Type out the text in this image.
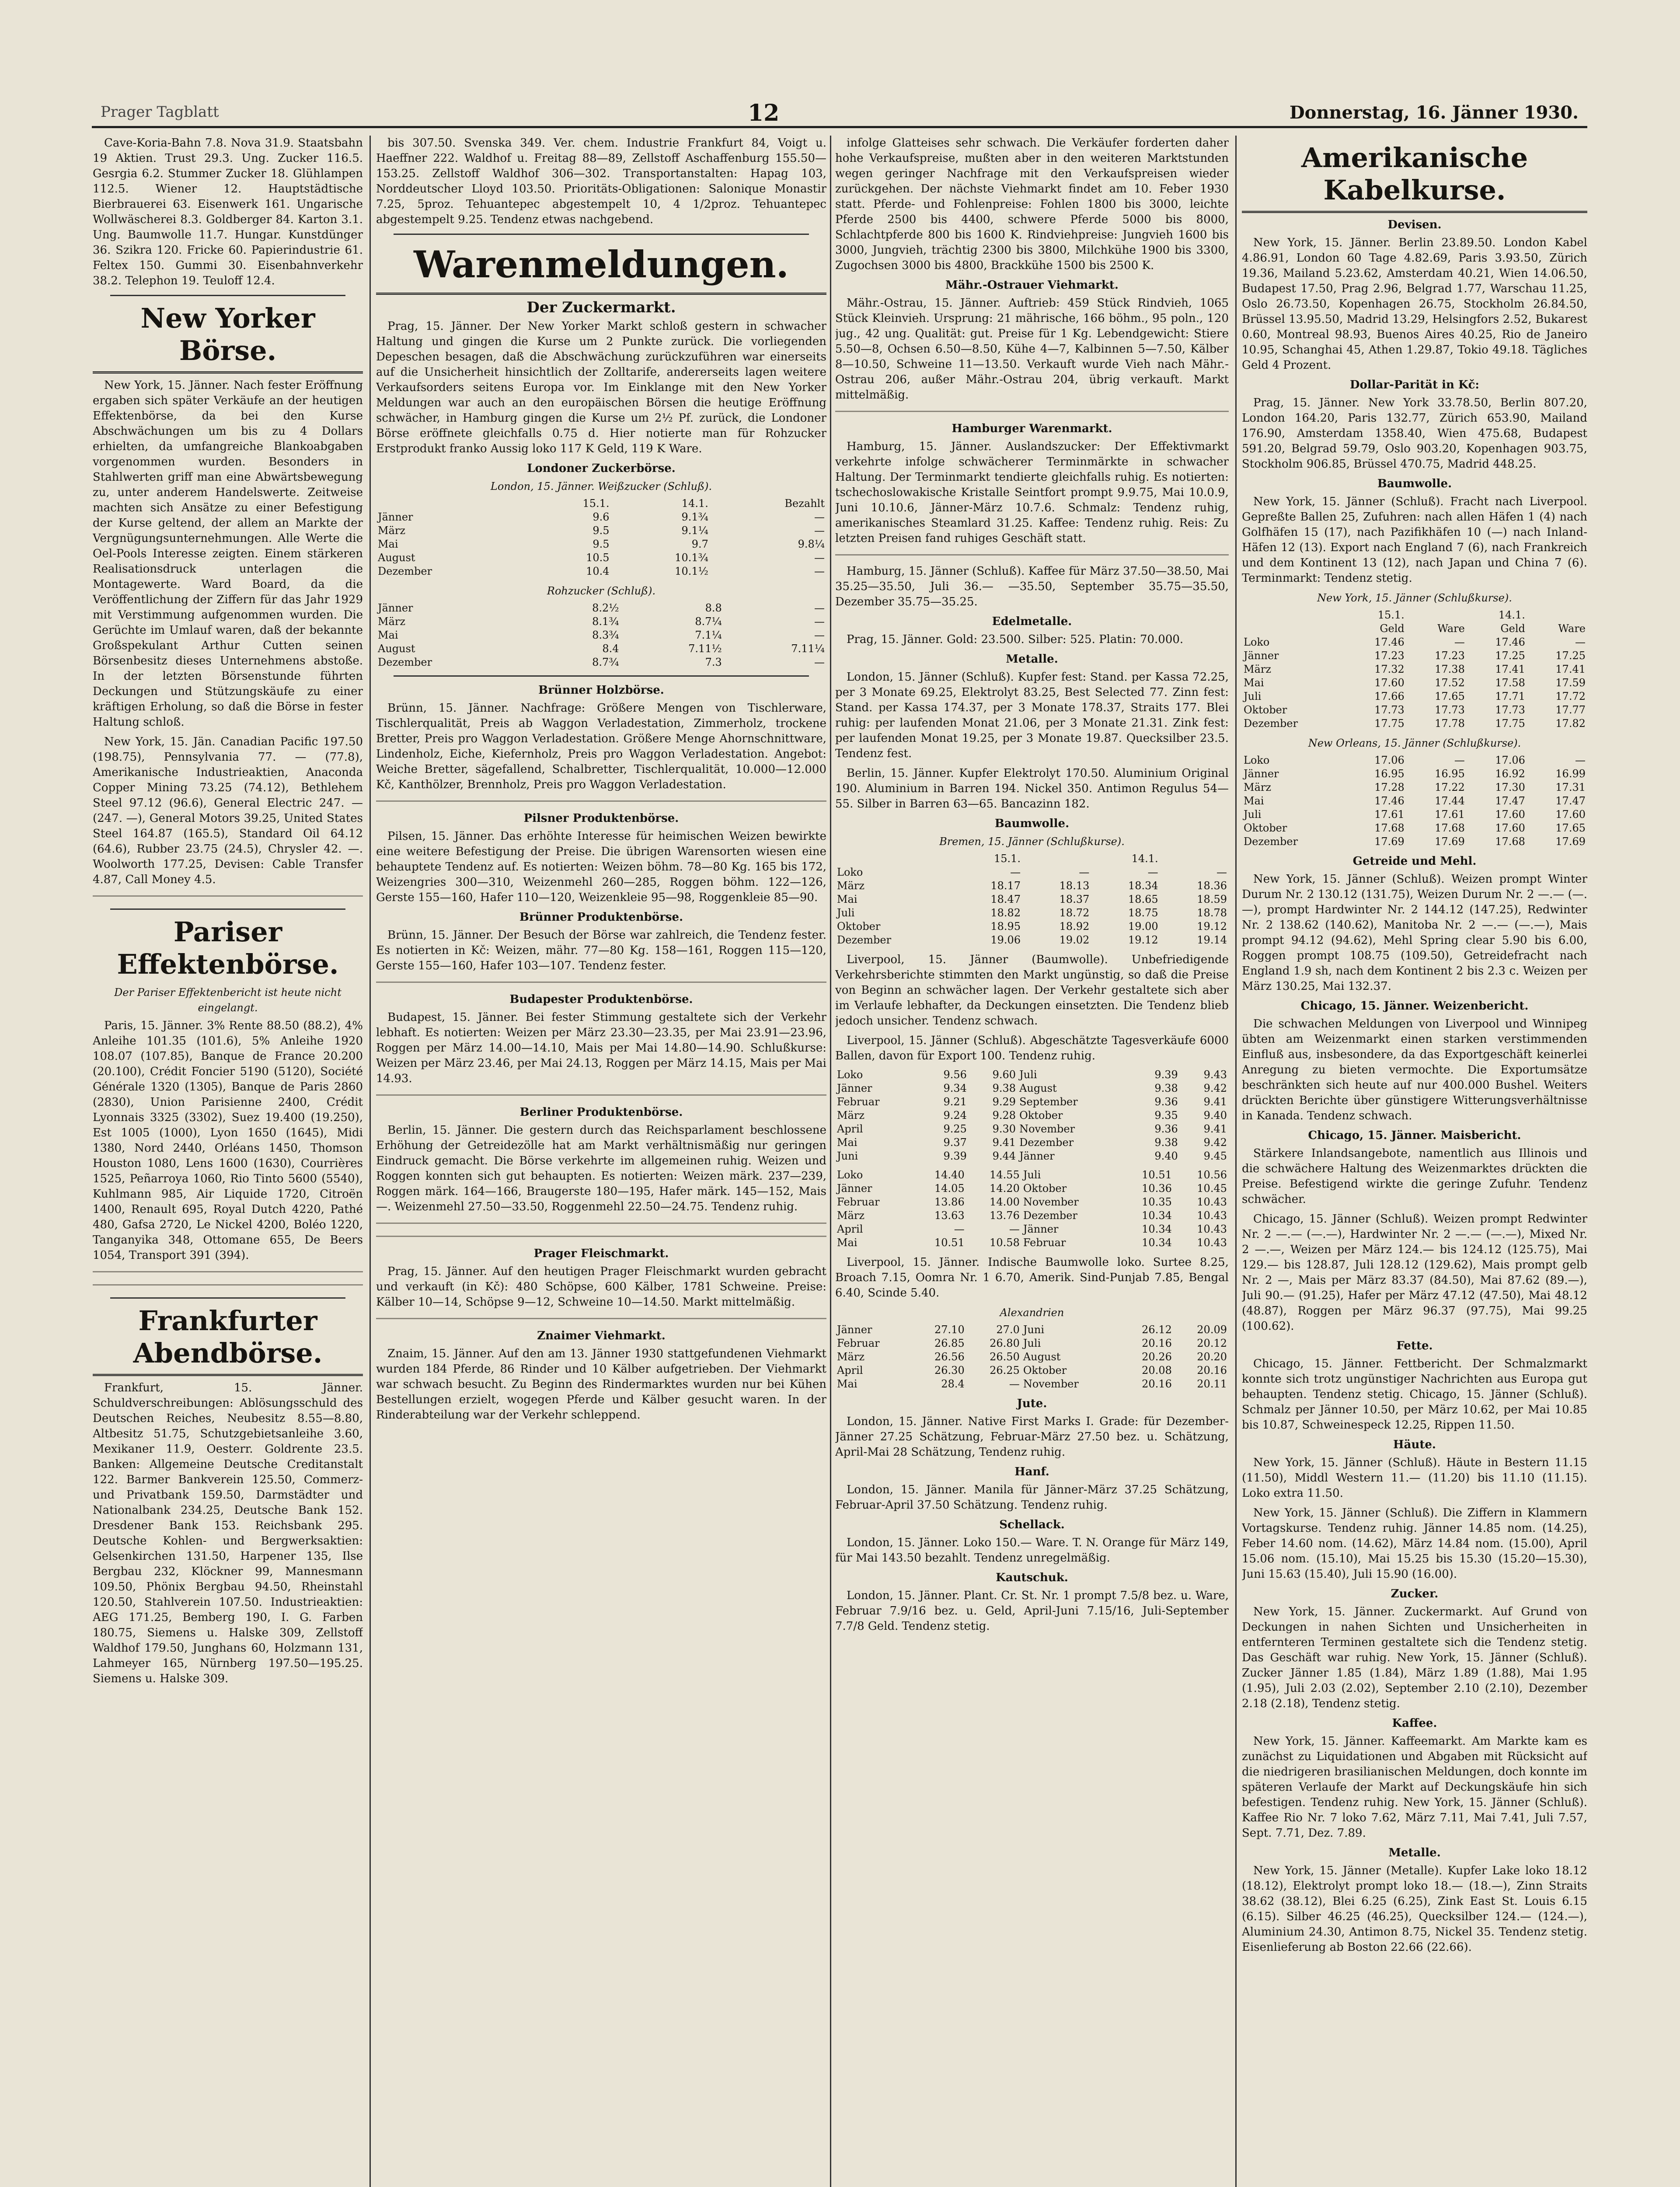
Prager Tagblatt	12	Donnerstag, 16. Jänner 1930.

Cave-Koria-Bahn 7.8. Nova 31.9. Staatsbahn 19 Aktien. Trust 29.3. Ung. Zucker 116.5. Gesrgia 6.2. Stummer Zucker 18. Glühlampen 112.5. Wiener 12. Hauptstädtische Bierbrauerei 63. Eisenwerk 161. Ungarische Wollwäscherei 8.3. Goldberger 84. Karton 3.1. Ung. Baumwolle 11.7. Hungar. Kunstdünger 36. Szikra 120. Fricke 60. Papierindustrie 61. Feltex 150. Gummi 30. Eisenbahnverkehr 38.2. Telephon 19. Teuloff 12.4.

New Yorker Börse.

New York, 15. Jänner. Nach fester Eröffnung ergaben sich später Verkäufe an der heutigen Effektenbörse, da bei den Kurse Abschwächungen um bis zu 4 Dollars erhielten, da umfangreiche Blankoabgaben vorgenommen wurden. Besonders in Stahlwerten griff man eine Abwärtsbewegung zu, unter anderem Handelswerte. Zeitweise machten sich Ansätze zu einer Befestigung der Kurse geltend, der allem an Markte der Vergnügungsunternehmungen. Alle Werte die Oel-Pools Interesse zeigten. Einem stärkeren Realisationsdruck unterlagen die Montagewerte. Ward Board, da die Veröffentlichung der Ziffern für das Jahr 1929 mit Verstimmung aufgenommen wurden. Die Gerüchte im Umlauf waren, daß der bekannte Großspekulant Arthur Cutten seinen Börsenbesitz dieses Unternehmens abstoße. In der letzten Börsenstunde führten Deckungen und Stützungskäufe zu einer kräftigen Erholung, so daß die Börse in fester Haltung schloß.

New York, 15. Jän. Canadian Pacific 197.50 (198.75), Pennsylvania 77. — (77.8), Amerikanische Industrieaktien, Anaconda Copper Mining 73.25 (74.12), Bethlehem Steel 97.12 (96.6), General Electric 247. — (247. —), General Motors 39.25, United States Steel 164.87 (165.5), Standard Oil 64.12 (64.6), Rubber 23.75 (24.5), Chrysler 42. —. Woolworth 177.25, Devisen: Cable Transfer 4.87, Call Money 4.5.

Pariser Effektenbörse.
Der Pariser Effektenbericht ist heute nicht eingelangt.

Paris, 15. Jänner. 3% Rente 88.50 (88.2), 4% Anleihe 101.35 (101.6), 5% Anleihe 1920 108.07 (107.85), Banque de France 20.200 (20.100), Crédit Foncier 5190 (5120), Société Générale 1320 (1305), Banque de Paris 2860 (2830), Union Parisienne 2400, Crédit Lyonnais 3325 (3302), Suez 19.400 (19.250), Est 1005 (1000), Lyon 1650 (1645), Midi 1380, Nord 2440, Orléans 1450, Thomson Houston 1080, Lens 1600 (1630), Courrières 1525, Peñarroya 1060, Rio Tinto 5600 (5540), Kuhlmann 985, Air Liquide 1720, Citroën 1400, Renault 695, Royal Dutch 4220, Pathé 480, Gafsa 2720, Le Nickel 4200, Boléo 1220, Tanganyika 348, Ottomane 655, De Beers 1054, Transport 391 (394).

Frankfurter Abendbörse.

Frankfurt, 15. Jänner. Schuldverschreibungen: Ablösungsschuld des Deutschen Reiches, Neubesitz 8.55—8.80, Altbesitz 51.75, Schutzgebietsanleihe 3.60, Mexikaner 11.9, Oesterr. Goldrente 23.5. Banken: Allgemeine Deutsche Creditanstalt 122. Barmer Bankverein 125.50, Commerz- und Privatbank 159.50, Darmstädter und Nationalbank 234.25, Deutsche Bank 152. Dresdener Bank 153. Reichsbank 295. Deutsche Kohlen- und Bergwerksaktien: Gelsenkirchen 131.50, Harpener 135, Ilse Bergbau 232, Klöckner 99, Mannesmann 109.50, Phönix Bergbau 94.50, Rheinstahl 120.50, Stahlverein 107.50. Industrieaktien: AEG 171.25, Bemberg 190, I. G. Farben 180.75, Siemens u. Halske 309, Zellstoff Waldhof 179.50, Junghans 60, Holzmann 131, Lahmeyer 165, Nürnberg 197.50—195.25. Siemens u. Halske 309.

bis 307.50. Svenska 349. Ver. chem. Industrie Frankfurt 84, Voigt u. Haeffner 222. Waldhof u. Freitag 88—89, Zellstoff Aschaffenburg 155.50—153.25. Zellstoff Waldhof 306—302. Transportanstalten: Hapag 103, Norddeutscher Lloyd 103.50. Prioritäts-Obligationen: Salonique Monastir 7.25, 5proz. Tehuantepec abgestempelt 10, 4 1/2proz. Tehuantepec abgestempelt 9.25. Tendenz etwas nachgebend.

Warenmeldungen.
Der Zuckermarkt.

Prag, 15. Jänner. Der New Yorker Markt schloß gestern in schwacher Haltung und gingen die Kurse um 2 Punkte zurück. Die vorliegenden Depeschen besagen, daß die Abschwächung zurückzuführen war einerseits auf die Unsicherheit hinsichtlich der Zolltarife, andererseits lagen weitere Verkaufsorders seitens Europa vor. Im Einklange mit den New Yorker Meldungen war auch an den europäischen Börsen die heutige Eröffnung schwächer, in Hamburg gingen die Kurse um 2½ Pf. zurück, die Londoner Börse eröffnete gleichfalls 0.75 d. Hier notierte man für Rohzucker Erstprodukt franko Aussig loko 117 K Geld, 119 K Ware.

Londoner Zuckerbörse.
London, 15. Jänner. Weißzucker (Schluß).
	15.1.	14.1.	Bezahlt
Jänner	9.6	9.1¾	—
März	9.5	9.1¼	—
Mai	9.5	9.7	9.8¼
August	10.5	10.1¾	—
Dezember	10.4	10.1½	—
Rohzucker (Schluß).
Jänner	8.2½	8.8	—
März	8.1¾	8.7¼	—
Mai	8.3¾	7.1¼	—
August	8.4	7.11½	7.11¼
Dezember	8.7¾	7.3	—
Brünner Holzbörse.

Brünn, 15. Jänner. Nachfrage: Größere Mengen von Tischlerware, Tischlerqualität, Preis ab Waggon Verladestation, Zimmerholz, trockene Bretter, Preis pro Waggon Verladestation. Größere Menge Ahornschnittware, Lindenholz, Eiche, Kiefernholz, Preis pro Waggon Verladestation. Angebot: Weiche Bretter, sägefallend, Schalbretter, Tischlerqualität, 10.000—12.000 Kč, Kanthölzer, Brennholz, Preis pro Waggon Verladestation.

Pilsner Produktenbörse.

Pilsen, 15. Jänner. Das erhöhte Interesse für heimischen Weizen bewirkte eine weitere Befestigung der Preise. Die übrigen Warensorten wiesen eine behauptete Tendenz auf. Es notierten: Weizen böhm. 78—80 Kg. 165 bis 172, Weizengries 300—310, Weizenmehl 260—285, Roggen böhm. 122—126, Gerste 155—160, Hafer 110—120, Weizenkleie 95—98, Roggenkleie 85—90.

Brünner Produktenbörse.

Brünn, 15. Jänner. Der Besuch der Börse war zahlreich, die Tendenz fester. Es notierten in Kč: Weizen, mähr. 77—80 Kg. 158—161, Roggen 115—120, Gerste 155—160, Hafer 103—107. Tendenz fester.

Budapester Produktenbörse.

Budapest, 15. Jänner. Bei fester Stimmung gestaltete sich der Verkehr lebhaft. Es notierten: Weizen per März 23.30—23.35, per Mai 23.91—23.96, Roggen per März 14.00—14.10, Mais per Mai 14.80—14.90. Schlußkurse: Weizen per März 23.46, per Mai 24.13, Roggen per März 14.15, Mais per Mai 14.93.

Berliner Produktenbörse.

Berlin, 15. Jänner. Die gestern durch das Reichsparlament beschlossene Erhöhung der Getreidezölle hat am Markt verhältnismäßig nur geringen Eindruck gemacht. Die Börse verkehrte im allgemeinen ruhig. Weizen und Roggen konnten sich gut behaupten. Es notierten: Weizen märk. 237—239, Roggen märk. 164—166, Braugerste 180—195, Hafer märk. 145—152, Mais —. Weizenmehl 27.50—33.50, Roggenmehl 22.50—24.75. Tendenz ruhig.

Prager Fleischmarkt.

Prag, 15. Jänner. Auf den heutigen Prager Fleischmarkt wurden gebracht und verkauft (in Kč): 480 Schöpse, 600 Kälber, 1781 Schweine. Preise: Kälber 10—14, Schöpse 9—12, Schweine 10—14.50. Markt mittelmäßig.

Znaimer Viehmarkt.

Znaim, 15. Jänner. Auf den am 13. Jänner 1930 stattgefundenen Viehmarkt wurden 184 Pferde, 86 Rinder und 10 Kälber aufgetrieben. Der Viehmarkt war schwach besucht. Zu Beginn des Rindermarktes wurden nur bei Kühen Bestellungen erzielt, wogegen Pferde und Kälber gesucht waren. In der Rinderabteilung war der Verkehr schleppend.

infolge Glatteises sehr schwach. Die Verkäufer forderten daher hohe Verkaufspreise, mußten aber in den weiteren Marktstunden wegen geringer Nachfrage mit den Verkaufspreisen wieder zurückgehen. Der nächste Viehmarkt findet am 10. Feber 1930 statt. Pferde- und Fohlenpreise: Fohlen 1800 bis 3000, leichte Pferde 2500 bis 4400, schwere Pferde 5000 bis 8000, Schlachtpferde 800 bis 1600 K. Rindviehpreise: Jungvieh 1600 bis 3000, Jungvieh, trächtig 2300 bis 3800, Milchkühe 1900 bis 3300, Zugochsen 3000 bis 4800, Brackkühe 1500 bis 2500 K.

Mähr.-Ostrauer Viehmarkt.

Mähr.-Ostrau, 15. Jänner. Auftrieb: 459 Stück Rindvieh, 1065 Stück Kleinvieh. Ursprung: 21 mährische, 166 böhm., 95 poln., 120 jug., 42 ung. Qualität: gut. Preise für 1 Kg. Lebendgewicht: Stiere 5.50—8, Ochsen 6.50—8.50, Kühe 4—7, Kalbinnen 5—7.50, Kälber 8—10.50, Schweine 11—13.50. Verkauft wurde Vieh nach Mähr.-Ostrau 206, außer Mähr.-Ostrau 204, übrig verkauft. Markt mittelmäßig.

Hamburger Warenmarkt.

Hamburg, 15. Jänner. Auslandszucker: Der Effektivmarkt verkehrte infolge schwächerer Terminmärkte in schwacher Haltung. Der Terminmarkt tendierte gleichfalls ruhig. Es notierten: tschechoslowakische Kristalle Seintfort prompt 9.9.75, Mai 10.0.9, Juni 10.10.6, Jänner-März 10.7.6. Schmalz: Tendenz ruhig, amerikanisches Steamlard 31.25. Kaffee: Tendenz ruhig. Reis: Zu letzten Preisen fand ruhiges Geschäft statt.

Hamburg, 15. Jänner (Schluß). Kaffee für März 37.50—38.50, Mai 35.25—35.50, Juli 36.— —35.50, September 35.75—35.50, Dezember 35.75—35.25.

Edelmetalle.

Prag, 15. Jänner. Gold: 23.500. Silber: 525. Platin: 70.000.

Metalle.

London, 15. Jänner (Schluß). Kupfer fest: Stand. per Kassa 72.25, per 3 Monate 69.25, Elektrolyt 83.25, Best Selected 77. Zinn fest: Stand. per Kassa 174.37, per 3 Monate 178.37, Straits 177. Blei ruhig: per laufenden Monat 21.06, per 3 Monate 21.31. Zink fest: per laufenden Monat 19.25, per 3 Monate 19.87. Quecksilber 23.5. Tendenz fest.

Berlin, 15. Jänner. Kupfer Elektrolyt 170.50. Aluminium Original 190. Aluminium in Barren 194. Nickel 350. Antimon Regulus 54—55. Silber in Barren 63—65. Bancazinn 182.

Baumwolle.
Bremen, 15. Jänner (Schlußkurse).
	15.1.		14.1.	
Loko	—	—	—	—
März	18.17	18.13	18.34	18.36
Mai	18.47	18.37	18.65	18.59
Juli	18.82	18.72	18.75	18.78
Oktober	18.95	18.92	19.00	19.12
Dezember	19.06	19.02	19.12	19.14

Liverpool, 15. Jänner (Baumwolle). Unbefriedigende Verkehrsberichte stimmten den Markt ungünstig, so daß die Preise von Beginn an schwächer lagen. Der Verkehr gestaltete sich aber im Verlaufe lebhafter, da Deckungen einsetzten. Die Tendenz blieb jedoch unsicher. Tendenz schwach.

Liverpool, 15. Jänner (Schluß). Abgeschätzte Tagesverkäufe 6000 Ballen, davon für Export 100. Tendenz ruhig.

Loko	9.56	9.60	Juli	9.39	9.43
Jänner	9.34	9.38	August	9.38	9.42
Februar	9.21	9.29	September	9.36	9.41
März	9.24	9.28	Oktober	9.35	9.40
April	9.25	9.30	November	9.36	9.41
Mai	9.37	9.41	Dezember	9.38	9.42
Juni	9.39	9.44	Jänner	9.40	9.45
Loko	14.40	14.55	Juli	10.51	10.56
Jänner	14.05	14.20	Oktober	10.36	10.45
Februar	13.86	14.00	November	10.35	10.43
März	13.63	13.76	Dezember	10.34	10.43
April	—	—	Jänner	10.34	10.43
Mai	10.51	10.58	Februar	10.34	10.43

Liverpool, 15. Jänner. Indische Baumwolle loko. Surtee 8.25, Broach 7.15, Oomra Nr. 1 6.70, Amerik. Sind-Punjab 7.85, Bengal 6.40, Scinde 5.40.

Alexandrien
Jänner	27.10	27.0	Juni	26.12	20.09
Februar	26.85	26.80	Juli	20.16	20.12
März	26.56	26.50	August	20.26	20.20
April	26.30	26.25	Oktober	20.08	20.16
Mai	28.4	—	November	20.16	20.11
Jute.

London, 15. Jänner. Native First Marks I. Grade: für Dezember-Jänner 27.25 Schätzung, Februar-März 27.50 bez. u. Schätzung, April-Mai 28 Schätzung, Tendenz ruhig.

Hanf.

London, 15. Jänner. Manila für Jänner-März 37.25 Schätzung, Februar-April 37.50 Schätzung. Tendenz ruhig.

Schellack.

London, 15. Jänner. Loko 150.— Ware. T. N. Orange für März 149, für Mai 143.50 bezahlt. Tendenz unregelmäßig.

Kautschuk.

London, 15. Jänner. Plant. Cr. St. Nr. 1 prompt 7.5/8 bez. u. Ware, Februar 7.9/16 bez. u. Geld, April-Juni 7.15/16, Juli-September 7.7/8 Geld. Tendenz stetig.

Amerikanische Kabelkurse.
Devisen.

New York, 15. Jänner. Berlin 23.89.50. London Kabel 4.86.91, London 60 Tage 4.82.69, Paris 3.93.50, Zürich 19.36, Mailand 5.23.62, Amsterdam 40.21, Wien 14.06.50, Budapest 17.50, Prag 2.96, Belgrad 1.77, Warschau 11.25, Oslo 26.73.50, Kopenhagen 26.75, Stockholm 26.84.50, Brüssel 13.95.50, Madrid 13.29, Helsingfors 2.52, Bukarest 0.60, Montreal 98.93, Buenos Aires 40.25, Rio de Janeiro 10.95, Schanghai 45, Athen 1.29.87, Tokio 49.18. Tägliches Geld 4 Prozent.

Dollar-Parität in Kč:

Prag, 15. Jänner. New York 33.78.50, Berlin 807.20, London 164.20, Paris 132.77, Zürich 653.90, Mailand 176.90, Amsterdam 1358.40, Wien 475.68, Budapest 591.20, Belgrad 59.79, Oslo 903.20, Kopenhagen 903.75, Stockholm 906.85, Brüssel 470.75, Madrid 448.25.

Baumwolle.

New York, 15. Jänner (Schluß). Fracht nach Liverpool. Gepreßte Ballen 25, Zufuhren: nach allen Häfen 1 (4) nach Golfhäfen 15 (17), nach Pazifikhäfen 10 (—) nach Inland-Häfen 12 (13). Export nach England 7 (6), nach Frankreich und dem Kontinent 13 (12), nach Japan und China 7 (6). Terminmarkt: Tendenz stetig.

New York, 15. Jänner (Schlußkurse).
	15.1.		14.1.	
	Geld	Ware	Geld	Ware
Loko	17.46	—	17.46	—
Jänner	17.23	17.23	17.25	17.25
März	17.32	17.38	17.41	17.41
Mai	17.60	17.52	17.58	17.59
Juli	17.66	17.65	17.71	17.72
Oktober	17.73	17.73	17.73	17.77
Dezember	17.75	17.78	17.75	17.82
New Orleans, 15. Jänner (Schlußkurse).
Loko	17.06	—	17.06	—
Jänner	16.95	16.95	16.92	16.99
März	17.28	17.22	17.30	17.31
Mai	17.46	17.44	17.47	17.47
Juli	17.61	17.61	17.60	17.60
Oktober	17.68	17.68	17.60	17.65
Dezember	17.69	17.69	17.68	17.69
Getreide und Mehl.

New York, 15. Jänner (Schluß). Weizen prompt Winter Durum Nr. 2 130.12 (131.75), Weizen Durum Nr. 2 —.— (—.—), prompt Hardwinter Nr. 2 144.12 (147.25), Redwinter Nr. 2 138.62 (140.62), Manitoba Nr. 2 —.— (—.—), Mais prompt 94.12 (94.62), Mehl Spring clear 5.90 bis 6.00, Roggen prompt 108.75 (109.50), Getreidefracht nach England 1.9 sh, nach dem Kontinent 2 bis 2.3 c. Weizen per März 130.25, Mai 132.37.

Chicago, 15. Jänner. Weizenbericht.

Die schwachen Meldungen von Liverpool und Winnipeg übten am Weizenmarkt einen starken verstimmenden Einfluß aus, insbesondere, da das Exportgeschäft keinerlei Anregung zu bieten vermochte. Die Exportumsätze beschränkten sich heute auf nur 400.000 Bushel. Weiters drückten Berichte über günstigere Witterungsverhältnisse in Kanada. Tendenz schwach.

Chicago, 15. Jänner. Maisbericht.

Stärkere Inlandsangebote, namentlich aus Illinois und die schwächere Haltung des Weizenmarktes drückten die Preise. Befestigend wirkte die geringe Zufuhr. Tendenz schwächer.

Chicago, 15. Jänner (Schluß). Weizen prompt Redwinter Nr. 2 —.— (—.—), Hardwinter Nr. 2 —.— (—.—), Mixed Nr. 2 —.—, Weizen per März 124.— bis 124.12 (125.75), Mai 129.— bis 128.87, Juli 128.12 (129.62), Mais prompt gelb Nr. 2 —, Mais per März 83.37 (84.50), Mai 87.62 (89.—), Juli 90.— (91.25), Hafer per März 47.12 (47.50), Mai 48.12 (48.87), Roggen per März 96.37 (97.75), Mai 99.25 (100.62).

Fette.

Chicago, 15. Jänner. Fettbericht. Der Schmalzmarkt konnte sich trotz ungünstiger Nachrichten aus Europa gut behaupten. Tendenz stetig. Chicago, 15. Jänner (Schluß). Schmalz per Jänner 10.50, per März 10.62, per Mai 10.85 bis 10.87, Schweinespeck 12.25, Rippen 11.50.

Häute.

New York, 15. Jänner (Schluß). Häute in Bestern 11.15 (11.50), Middl Western 11.— (11.20) bis 11.10 (11.15). Loko extra 11.50.

New York, 15. Jänner (Schluß). Die Ziffern in Klammern Vortagskurse. Tendenz ruhig. Jänner 14.85 nom. (14.25), Feber 14.60 nom. (14.62), März 14.84 nom. (15.00), April 15.06 nom. (15.10), Mai 15.25 bis 15.30 (15.20—15.30), Juni 15.63 (15.40), Juli 15.90 (16.00).

Zucker.

New York, 15. Jänner. Zuckermarkt. Auf Grund von Deckungen in nahen Sichten und Unsicherheiten in entfernteren Terminen gestaltete sich die Tendenz stetig. Das Geschäft war ruhig. New York, 15. Jänner (Schluß). Zucker Jänner 1.85 (1.84), März 1.89 (1.88), Mai 1.95 (1.95), Juli 2.03 (2.02), September 2.10 (2.10), Dezember 2.18 (2.18), Tendenz stetig.

Kaffee.

New York, 15. Jänner. Kaffeemarkt. Am Markte kam es zunächst zu Liquidationen und Abgaben mit Rücksicht auf die niedrigeren brasilianischen Meldungen, doch konnte im späteren Verlaufe der Markt auf Deckungskäufe hin sich befestigen. Tendenz ruhig. New York, 15. Jänner (Schluß). Kaffee Rio Nr. 7 loko 7.62, März 7.11, Mai 7.41, Juli 7.57, Sept. 7.71, Dez. 7.89.

Metalle.

New York, 15. Jänner (Metalle). Kupfer Lake loko 18.12 (18.12), Elektrolyt prompt loko 18.— (18.—), Zinn Straits 38.62 (38.12), Blei 6.25 (6.25), Zink East St. Louis 6.15 (6.15). Silber 46.25 (46.25), Quecksilber 124.— (124.—), Aluminium 24.30, Antimon 8.75, Nickel 35. Tendenz stetig. Eisenlieferung ab Boston 22.66 (22.66).
